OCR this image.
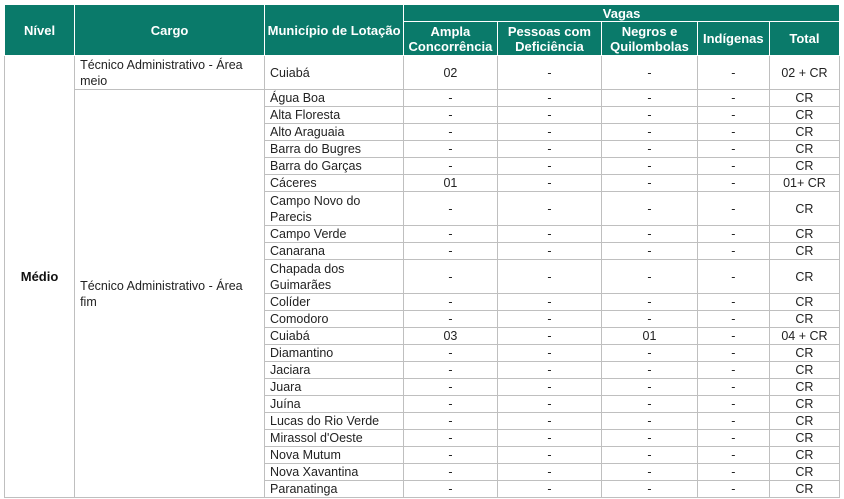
Nível	Cargo	Município de Lotação	Vagas				
			Ampla Concorrência	Pessoas com Deficiência	Negros e Quilombolas	Indígenas	Total
Médio	Técnico Administrativo - Área meio	Cuiabá	02	-	-	-	02 + CR
	Técnico Administrativo - Área fim	Água Boa	-	-	-	-	CR
		Alta Floresta	-	-	-	-	CR
		Alto Araguaia	-	-	-	-	CR
		Barra do Bugres	-	-	-	-	CR
		Barra do Garças	-	-	-	-	CR
		Cáceres	01	-	-	-	01+ CR
		Campo Novo do Parecis	-	-	-	-	CR
		Campo Verde	-	-	-	-	CR
		Canarana	-	-	-	-	CR
		Chapada dos Guimarães	-	-	-	-	CR
		Colíder	-	-	-	-	CR
		Comodoro	-	-	-	-	CR
		Cuiabá	03	-	01	-	04 + CR
		Diamantino	-	-	-	-	CR
		Jaciara	-	-	-	-	CR
		Juara	-	-	-	-	CR
		Juína	-	-	-	-	CR
		Lucas do Rio Verde	-	-	-	-	CR
		Mirassol d'Oeste	-	-	-	-	CR
		Nova Mutum	-	-	-	-	CR
		Nova Xavantina	-	-	-	-	CR
		Paranatinga	-	-	-	-	CR
